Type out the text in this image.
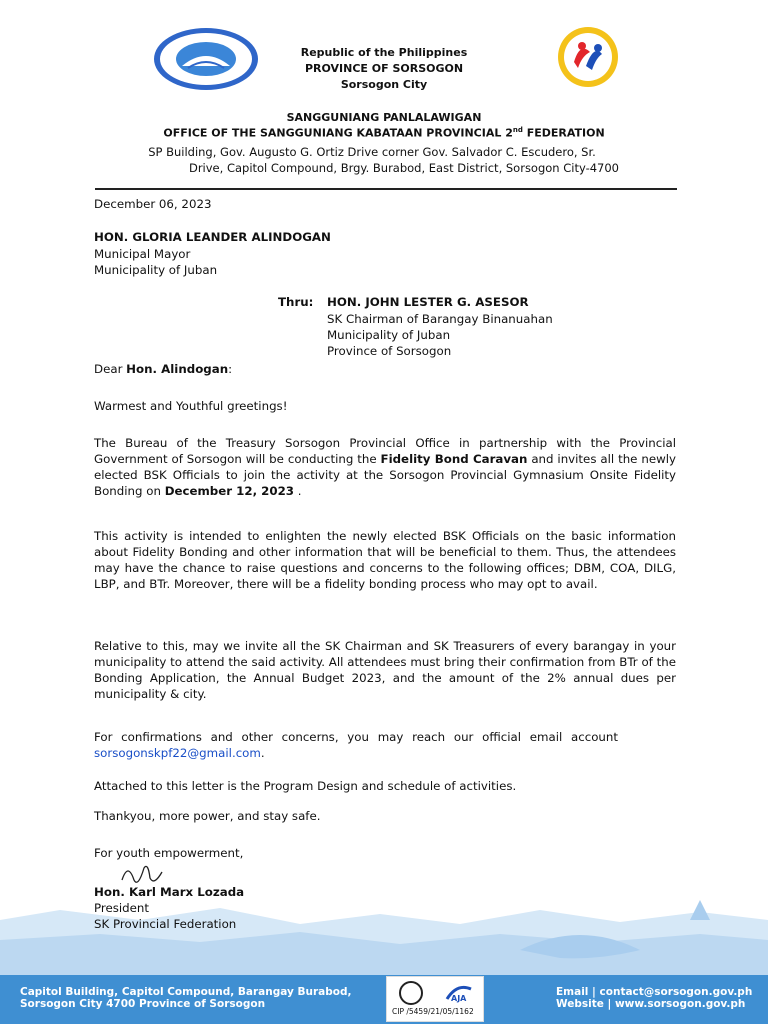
Republic of the Philippines
PROVINCE OF SORSOGON
Sorsogon City
SANGGUNIANG PANLALAWIGAN
OFFICE OF THE SANGGUNIANG KABATAAN PROVINCIAL 2nd FEDERATION
SP Building, Gov. Augusto G. Ortiz Drive corner Gov. Salvador C. Escudero, Sr.
Drive, Capitol Compound, Brgy. Burabod, East District, Sorsogon City-4700
December 06, 2023
HON. GLORIA LEANDER ALINDOGAN
Municipal Mayor
Municipality of Juban
Thru: HON. JOHN LESTER G. ASESOR
SK Chairman of Barangay Binanuahan
Municipality of Juban
Province of Sorsogon
Dear Hon. Alindogan:
Warmest and Youthful greetings!
The Bureau of the Treasury Sorsogon Provincial Office in partnership with the Provincial Government of Sorsogon will be conducting the Fidelity Bond Caravan and invites all the newly elected BSK Officials to join the activity at the Sorsogon Provincial Gymnasium Onsite Fidelity Bonding on December 12, 2023 .
This activity is intended to enlighten the newly elected BSK Officials on the basic information about Fidelity Bonding and other information that will be beneficial to them. Thus, the attendees may have the chance to raise questions and concerns to the following offices; DBM, COA, DILG, LBP, and BTr. Moreover, there will be a fidelity bonding process who may opt to avail.
Relative to this, may we invite all the SK Chairman and SK Treasurers of every barangay in your municipality to attend the said activity. All attendees must bring their confirmation from BTr of the Bonding Application, the Annual Budget 2023, and the amount of the 2% annual dues per municipality & city.
For confirmations and other concerns, you may reach our official email account sorsogonskpf22@gmail.com.
Attached to this letter is the Program Design and schedule of activities.
Thankyou, more power, and stay safe.
For youth empowerment,
Hon. Karl Marx Lozada
President
SK Provincial Federation
Capitol Building, Capitol Compound, Barangay Burabod,
Sorsogon City 4700 Province of Sorsogon	AJA
CIP /5459/21/05/1162
Email | contact@sorsogon.gov.ph
Website | www.sorsogon.gov.ph
